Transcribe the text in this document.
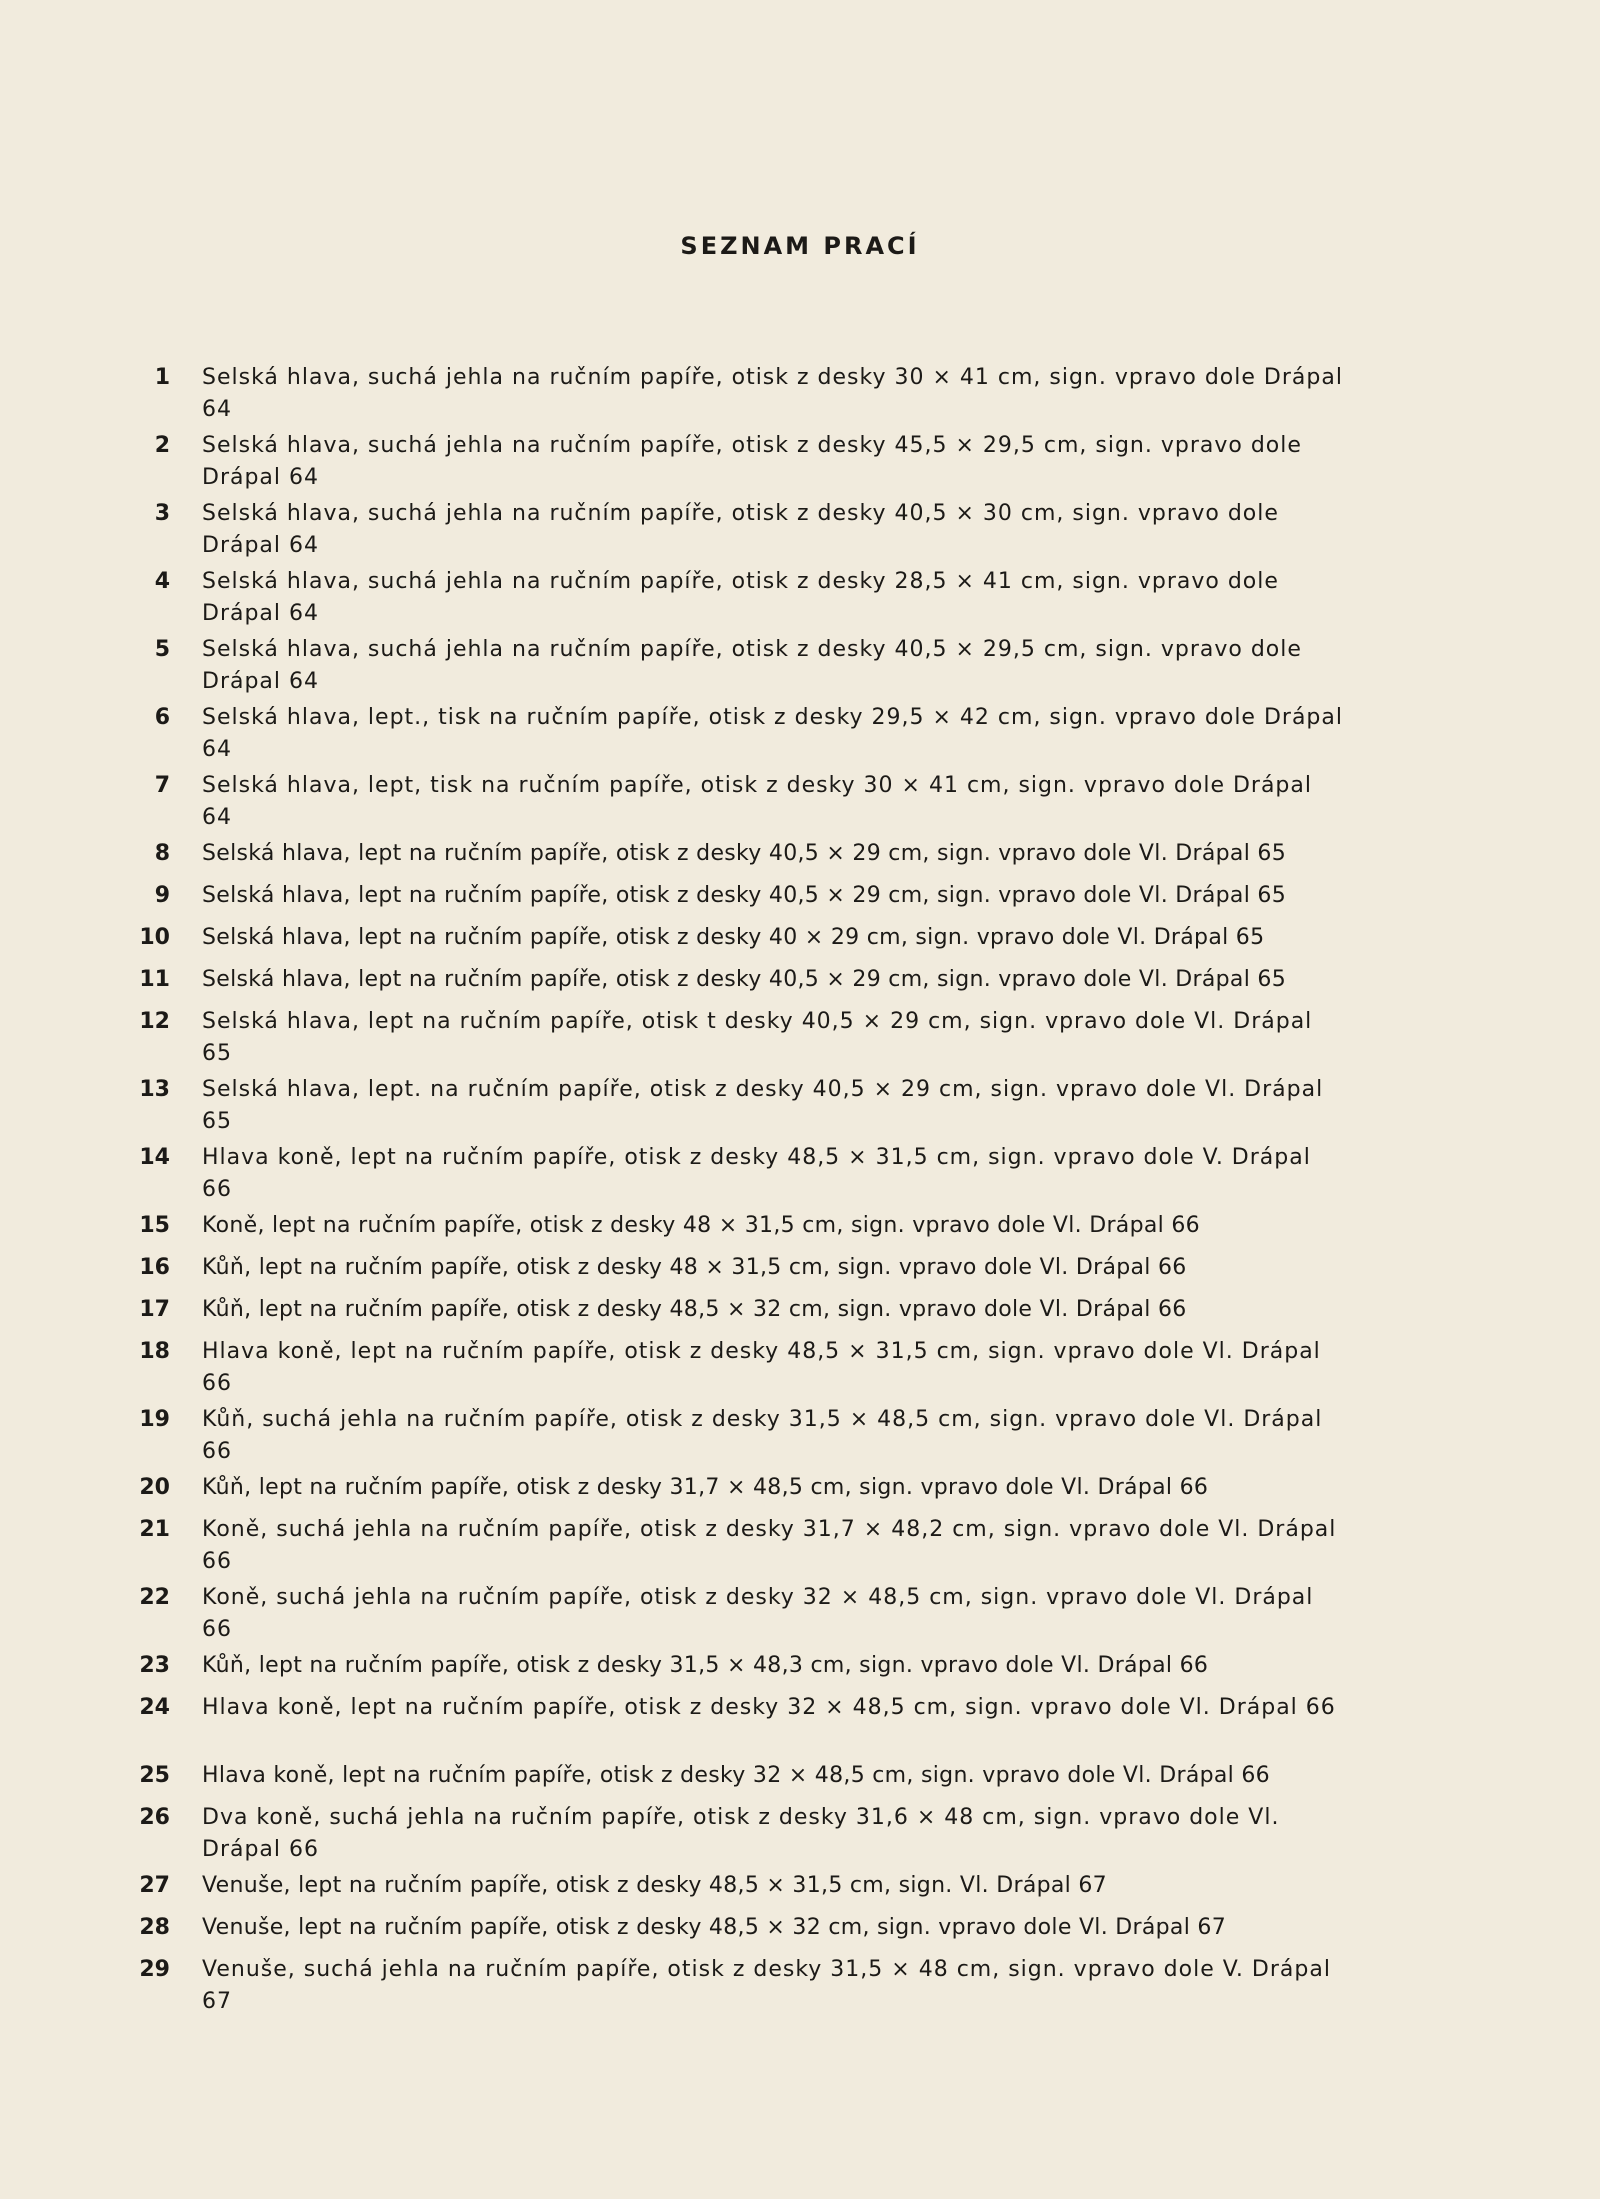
SEZNAM PRACÍ
1 Selská hlava, suchá jehla na ručním papíře, otisk z desky 30 × 41 cm, sign. vpravo dole Drápal 64
2 Selská hlava, suchá jehla na ručním papíře, otisk z desky 45,5 × 29,5 cm, sign. vpravo dole Drápal 64
3 Selská hlava, suchá jehla na ručním papíře, otisk z desky 40,5 × 30 cm, sign. vpravo dole Drápal 64
4 Selská hlava, suchá jehla na ručním papíře, otisk z desky 28,5 × 41 cm, sign. vpravo dole Drápal 64
5 Selská hlava, suchá jehla na ručním papíře, otisk z desky 40,5 × 29,5 cm, sign. vpravo dole Drápal 64
6 Selská hlava, lept., tisk na ručním papíře, otisk z desky 29,5 × 42 cm, sign. vpravo dole Drápal 64
7 Selská hlava, lept, tisk na ručním papíře, otisk z desky 30 × 41 cm, sign. vpravo dole Drápal 64
8 Selská hlava, lept na ručním papíře, otisk z desky 40,5 × 29 cm, sign. vpravo dole Vl. Drápal 65
9 Selská hlava, lept na ručním papíře, otisk z desky 40,5 × 29 cm, sign. vpravo dole Vl. Drápal 65
10 Selská hlava, lept na ručním papíře, otisk z desky 40 × 29 cm, sign. vpravo dole Vl. Drápal 65
11 Selská hlava, lept na ručním papíře, otisk z desky 40,5 × 29 cm, sign. vpravo dole Vl. Drápal 65
12 Selská hlava, lept na ručním papíře, otisk t desky 40,5 × 29 cm, sign. vpravo dole Vl. Drápal 65
13 Selská hlava, lept. na ručním papíře, otisk z desky 40,5 × 29 cm, sign. vpravo dole Vl. Drápal 65
14 Hlava koně, lept na ručním papíře, otisk z desky 48,5 × 31,5 cm, sign. vpravo dole V. Drápal 66
15 Koně, lept na ručním papíře, otisk z desky 48 × 31,5 cm, sign. vpravo dole Vl. Drápal 66
16 Kůň, lept na ručním papíře, otisk z desky 48 × 31,5 cm, sign. vpravo dole Vl. Drápal 66
17 Kůň, lept na ručním papíře, otisk z desky 48,5 × 32 cm, sign. vpravo dole Vl. Drápal 66
18 Hlava koně, lept na ručním papíře, otisk z desky 48,5 × 31,5 cm, sign. vpravo dole Vl. Drápal 66
19 Kůň, suchá jehla na ručním papíře, otisk z desky 31,5 × 48,5 cm, sign. vpravo dole Vl. Drápal 66
20 Kůň, lept na ručním papíře, otisk z desky 31,7 × 48,5 cm, sign. vpravo dole Vl. Drápal 66
21 Koně, suchá jehla na ručním papíře, otisk z desky 31,7 × 48,2 cm, sign. vpravo dole Vl. Drápal 66
22 Koně, suchá jehla na ručním papíře, otisk z desky 32 × 48,5 cm, sign. vpravo dole Vl. Drápal 66
23 Kůň, lept na ručním papíře, otisk z desky 31,5 × 48,3 cm, sign. vpravo dole Vl. Drápal 66
24 Hlava koně, lept na ručním papíře, otisk z desky 32 × 48,5 cm, sign. vpravo dole Vl. Drápal 66
25 Hlava koně, lept na ručním papíře, otisk z desky 32 × 48,5 cm, sign. vpravo dole Vl. Drápal 66
26 Dva koně, suchá jehla na ručním papíře, otisk z desky 31,6 × 48 cm, sign. vpravo dole Vl. Drápal 66
27 Venuše, lept na ručním papíře, otisk z desky 48,5 × 31,5 cm, sign. Vl. Drápal 67
28 Venuše, lept na ručním papíře, otisk z desky 48,5 × 32 cm, sign. vpravo dole Vl. Drápal 67
29 Venuše, suchá jehla na ručním papíře, otisk z desky 31,5 × 48 cm, sign. vpravo dole V. Drápal 67
